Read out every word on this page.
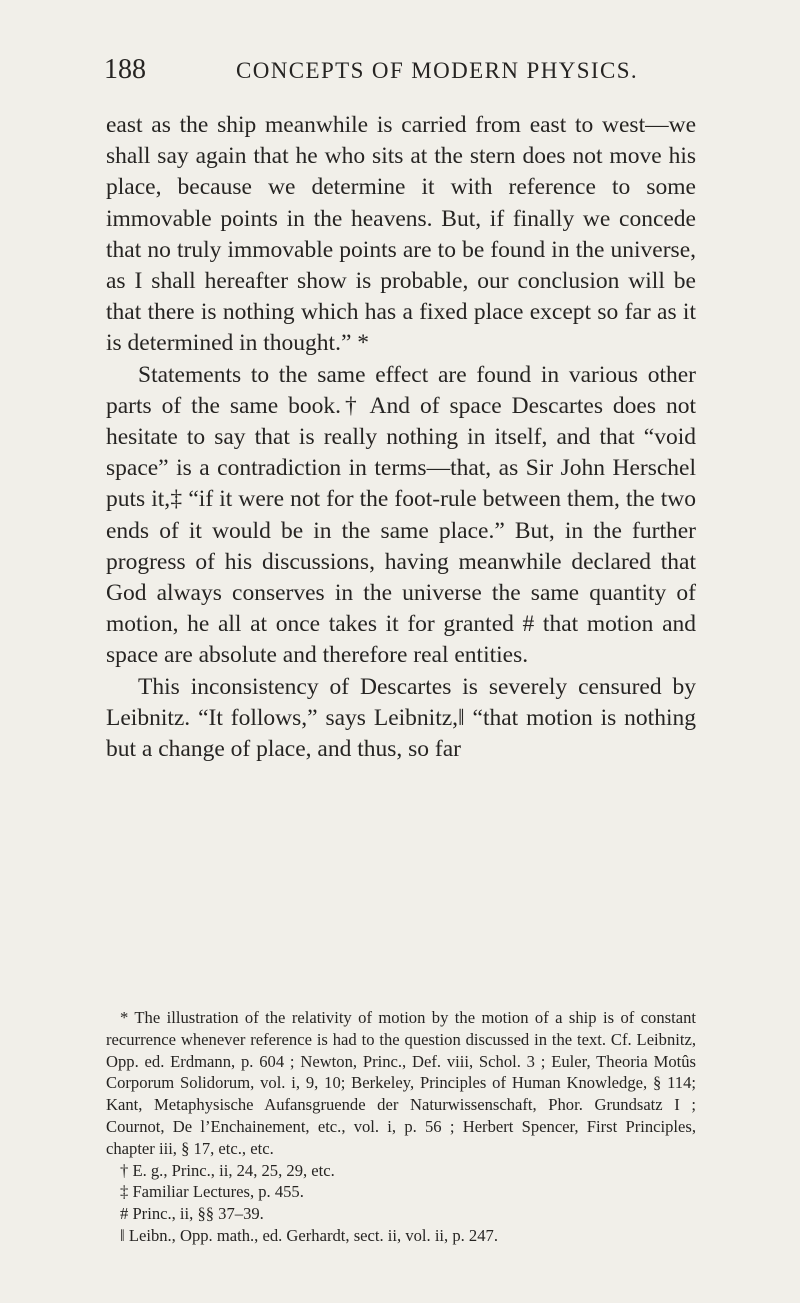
188	CONCEPTS OF MODERN PHYSICS.

east as the ship meanwhile is carried from east to west—we shall say again that he who sits at the stern does not move his place, because we determine it with reference to some immovable points in the heavens. But, if finally we concede that no truly immovable points are to be found in the universe, as I shall hereafter show is probable, our conclusion will be that there is nothing which has a fixed place except so far as it is determined in thought.” *

Statements to the same effect are found in various other parts of the same book.† And of space Descartes does not hesitate to say that is really nothing in itself, and that “void space” is a contradiction in terms—that, as Sir John Herschel puts it,‡ “if it were not for the foot-rule between them, the two ends of it would be in the same place.” But, in the further progress of his discussions, having meanwhile declared that God always conserves in the universe the same quantity of motion, he all at once takes it for granted # that motion and space are absolute and therefore real entities.

This inconsistency of Descartes is severely censured by Leibnitz. “It follows,” says Leibnitz,‖ “that motion is nothing but a change of place, and thus, so far

* The illustration of the relativity of motion by the motion of a ship is of constant recurrence whenever reference is had to the question discussed in the text. Cf. Leibnitz, Opp. ed. Erdmann, p. 604 ; Newton, Princ., Def. viii, Schol. 3 ; Euler, Theoria Motûs Corporum Solidorum, vol. i, 9, 10; Berkeley, Principles of Human Knowledge, § 114; Kant, Metaphysische Aufansgruende der Naturwissenschaft, Phor. Grundsatz I ; Cournot, De l’Enchainement, etc., vol. i, p. 56 ; Herbert Spencer, First Principles, chapter iii, § 17, etc., etc.

† E. g., Princ., ii, 24, 25, 29, etc.

‡ Familiar Lectures, p. 455.

# Princ., ii, §§ 37–39.

‖ Leibn., Opp. math., ed. Gerhardt, sect. ii, vol. ii, p. 247.
